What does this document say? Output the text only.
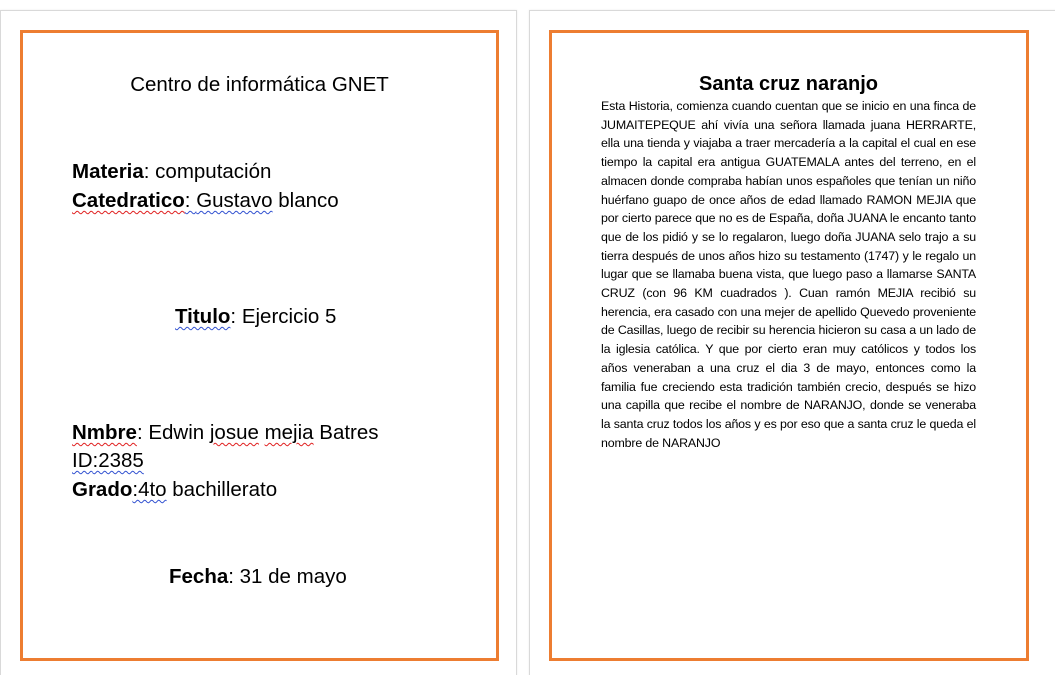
Centro de informática GNET
Materia: computación
Catedratico: Gustavo blanco
Titulo: Ejercicio 5
Nmbre: Edwin josue mejia Batres
ID:2385
Grado:4to bachillerato
Fecha: 31 de mayo
Santa cruz naranjo
Esta Historia, comienza cuando cuentan que se inicio en una finca de JUMAITEPEQUE ahí vivía una señora llamada juana HERRARTE, ella una tienda y viajaba a traer mercadería a la capital el cual en ese tiempo la capital era antigua GUATEMALA antes del terreno, en el almacen donde compraba habían unos españoles que tenían un niño huérfano guapo de once años de edad llamado RAMON MEJIA que por cierto parece que no es de España, doña JUANA le encanto tanto que de los pidió y se lo regalaron, luego doña JUANA selo trajo a su tierra después de unos años hizo su testamento (1747) y le regalo un lugar que se llamaba buena vista, que luego paso a llamarse SANTA CRUZ (con 96 KM cuadrados ). Cuan ramón MEJIA recibió su herencia, era casado con una mejer de apellido Quevedo proveniente de Casillas, luego de recibir su herencia hicieron su casa a un lado de la iglesia católica. Y que por cierto eran muy católicos y todos los años veneraban a una cruz el dia 3 de mayo, entonces como la familia fue creciendo esta tradición también crecio, después se hizo una capilla que recibe el nombre de NARANJO, donde se veneraba la santa cruz todos los años y es por eso que a santa cruz le queda el nombre de NARANJO
